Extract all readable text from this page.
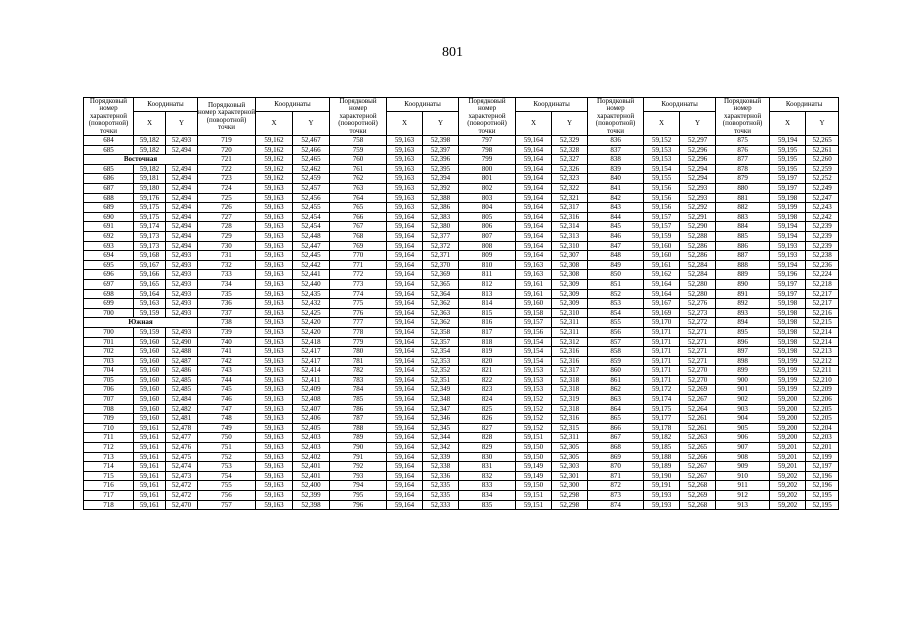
801
Порядковый номер характерной (поворотной) точки	Координаты		Порядковый номер характерной (поворотной) точки	Координаты		Порядковый номер характерной (поворотной) точки	Координаты		Порядковый номер характерной (поворотной) точки	Координаты		Порядковый номер характерной (поворотной) точки	Координаты		Порядковый номер характерной (поворотной) точки	Координаты	
	X	Y		X	Y		X	Y		X	Y		X	Y		X	Y
684	59,182	52,493	719	59,162	52,467	758	59,163	52,398	797	59,164	52,329	836	59,152	52,297	875	59,194	52,265
685	59,182	52,494	720	59,162	52,466	759	59,163	52,397	798	59,164	52,328	837	59,153	52,296	876	59,195	52,261
Восточная			721	59,162	52,465	760	59,163	52,396	799	59,164	52,327	838	59,153	52,296	877	59,195	52,260
685	59,182	52,494	722	59,162	52,462	761	59,163	52,395	800	59,164	52,326	839	59,154	52,294	878	59,195	52,259
686	59,181	52,494	723	59,162	52,459	762	59,163	52,394	801	59,164	52,323	840	59,155	52,294	879	59,197	52,252
687	59,180	52,494	724	59,163	52,457	763	59,163	52,392	802	59,164	52,322	841	59,156	52,293	880	59,197	52,249
688	59,176	52,494	725	59,163	52,456	764	59,163	52,388	803	59,164	52,321	842	59,156	52,293	881	59,198	52,247
689	59,175	52,494	726	59,163	52,455	765	59,163	52,386	804	59,164	52,317	843	59,156	52,292	882	59,199	52,243
690	59,175	52,494	727	59,163	52,454	766	59,164	52,383	805	59,164	52,316	844	59,157	52,291	883	59,198	52,242
691	59,174	52,494	728	59,163	52,454	767	59,164	52,380	806	59,164	52,314	845	59,157	52,290	884	59,194	52,239
692	59,173	52,494	729	59,163	52,448	768	59,164	52,377	807	59,164	52,313	846	59,159	52,288	885	59,194	52,239
693	59,173	52,494	730	59,163	52,447	769	59,164	52,372	808	59,164	52,310	847	59,160	52,286	886	59,193	52,239
694	59,168	52,493	731	59,163	52,445	770	59,164	52,371	809	59,164	52,307	848	59,160	52,286	887	59,193	52,238
695	59,167	52,493	732	59,163	52,442	771	59,164	52,370	810	59,163	52,308	849	59,161	52,284	888	59,194	52,236
696	59,166	52,493	733	59,163	52,441	772	59,164	52,369	811	59,163	52,308	850	59,162	52,284	889	59,196	52,224
697	59,165	52,493	734	59,163	52,440	773	59,164	52,365	812	59,161	52,309	851	59,164	52,280	890	59,197	52,218
698	59,164	52,493	735	59,163	52,435	774	59,164	52,364	813	59,161	52,309	852	59,164	52,280	891	59,197	52,217
699	59,163	52,493	736	59,163	52,432	775	59,164	52,362	814	59,160	52,309	853	59,167	52,276	892	59,198	52,217
700	59,159	52,493	737	59,163	52,425	776	59,164	52,363	815	59,158	52,310	854	59,169	52,273	893	59,198	52,216
Южная			738	59,163	52,420	777	59,164	52,362	816	59,157	52,311	855	59,170	52,272	894	59,198	52,215
700	59,159	52,493	739	59,163	52,420	778	59,164	52,358	817	59,156	52,311	856	59,171	52,271	895	59,198	52,214
701	59,160	52,490	740	59,163	52,418	779	59,164	52,357	818	59,154	52,312	857	59,171	52,271	896	59,198	52,214
702	59,160	52,488	741	59,163	52,417	780	59,164	52,354	819	59,154	52,316	858	59,171	52,271	897	59,198	52,213
703	59,160	52,487	742	59,163	52,417	781	59,164	52,353	820	59,154	52,316	859	59,171	52,271	898	59,199	52,212
704	59,160	52,486	743	59,163	52,414	782	59,164	52,352	821	59,153	52,317	860	59,171	52,270	899	59,199	52,211
705	59,160	52,485	744	59,163	52,411	783	59,164	52,351	822	59,153	52,318	861	59,171	52,270	900	59,199	52,210
706	59,160	52,485	745	59,163	52,409	784	59,164	52,349	823	59,153	52,318	862	59,172	52,269	901	59,199	52,209
707	59,160	52,484	746	59,163	52,408	785	59,164	52,348	824	59,152	52,319	863	59,174	52,267	902	59,200	52,206
708	59,160	52,482	747	59,163	52,407	786	59,164	52,347	825	59,152	52,318	864	59,175	52,264	903	59,200	52,205
709	59,160	52,481	748	59,163	52,406	787	59,164	52,346	826	59,152	52,316	865	59,177	52,261	904	59,200	52,205
710	59,161	52,478	749	59,163	52,405	788	59,164	52,345	827	59,152	52,315	866	59,178	52,261	905	59,200	52,204
711	59,161	52,477	750	59,163	52,403	789	59,164	52,344	828	59,151	52,311	867	59,182	52,263	906	59,200	52,203
712	59,161	52,476	751	59,163	52,403	790	59,164	52,342	829	59,150	52,305	868	59,185	52,265	907	59,201	52,201
713	59,161	52,475	752	59,163	52,402	791	59,164	52,339	830	59,150	52,305	869	59,188	52,266	908	59,201	52,199
714	59,161	52,474	753	59,163	52,401	792	59,164	52,338	831	59,149	52,303	870	59,189	52,267	909	59,201	52,197
715	59,161	52,473	754	59,163	52,401	793	59,164	52,336	832	59,149	52,301	871	59,190	52,267	910	59,202	52,196
716	59,161	52,472	755	59,163	52,400	794	59,164	52,335	833	59,150	52,300	872	59,191	52,268	911	59,202	52,196
717	59,161	52,472	756	59,163	52,399	795	59,164	52,335	834	59,151	52,298	873	59,193	52,269	912	59,202	52,195
718	59,161	52,470	757	59,163	52,398	796	59,164	52,333	835	59,151	52,298	874	59,193	52,268	913	59,202	52,195
